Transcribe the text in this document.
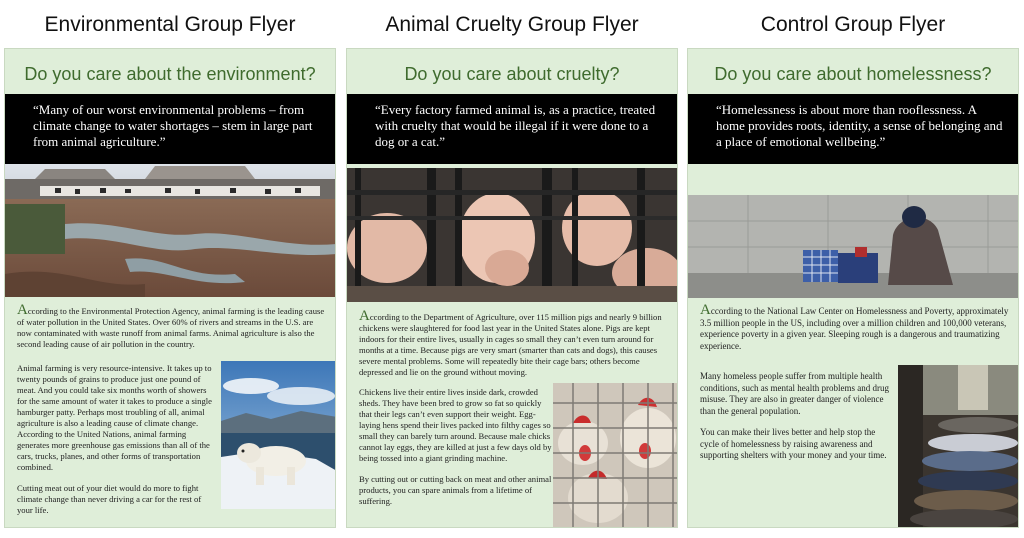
Environmental Group Flyer	Animal Cruelty Group Flyer	Control Group Flyer
Do you care about the environment?
“Many of our worst environmental problems – from climate change to water shortages – stem in large part from animal agriculture.”
According to the Environmental Protection Agency, animal farming is the leading cause of water pollution in the United States. Over 60% of rivers and streams in the U.S. are now contaminated with waste runoff from animal farms. Animal agriculture is also the second leading cause of air pollution in the country.

Animal farming is very resource-intensive. It takes up to twenty pounds of grains to produce just one pound of meat. And you could take six months worth of showers for the same amount of water it takes to produce a single hamburger patty. Perhaps most troubling of all, animal agriculture is also a leading cause of climate change. According to the United Nations, animal farming generates more greenhouse gas emissions than all of the cars, trucks, planes, and other forms of transportation combined.

Cutting meat out of your diet would do more to fight climate change than never driving a car for the rest of your life.

Do you care about cruelty?
“Every factory farmed animal is, as a practice, treated with cruelty that would be illegal if it were done to a dog or a cat.”
According to the Department of Agriculture, over 115 million pigs and nearly 9 billion chickens were slaughtered for food last year in the United States alone. Pigs are kept indoors for their entire lives, usually in cages so small they can’t even turn around for months at a time. Because pigs are very smart (smarter than cats and dogs), this causes severe mental problems. Some will repeatedly bite their cage bars; others become depressed and lie on the ground without moving.

Chickens live their entire lives inside dark, crowded sheds. They have been bred to grow so fat so quickly that their legs can’t even support their weight. Egg-laying hens spend their lives packed into filthy cages so small they can barely turn around. Because male chicks cannot lay eggs, they are killed at just a few days old by being tossed into a giant grinding machine.

By cutting out or cutting back on meat and other animal products, you can spare animals from a lifetime of suffering.

Do you care about homelessness?
“Homelessness is about more than rooflessness. A home provides roots, identity, a sense of belonging and a place of emotional wellbeing.”
According to the National Law Center on Homelessness and Poverty, approximately 3.5 million people in the US, including over a million children and 100,000 veterans, experience poverty in a given year. Sleeping rough is a dangerous and traumatizing experience.

Many homeless people suffer from multiple health conditions, such as mental health problems and drug misuse. They are also in greater danger of violence than the general population.

You can make their lives better and help stop the cycle of homelessness by raising awareness and supporting shelters with your money and your time.
